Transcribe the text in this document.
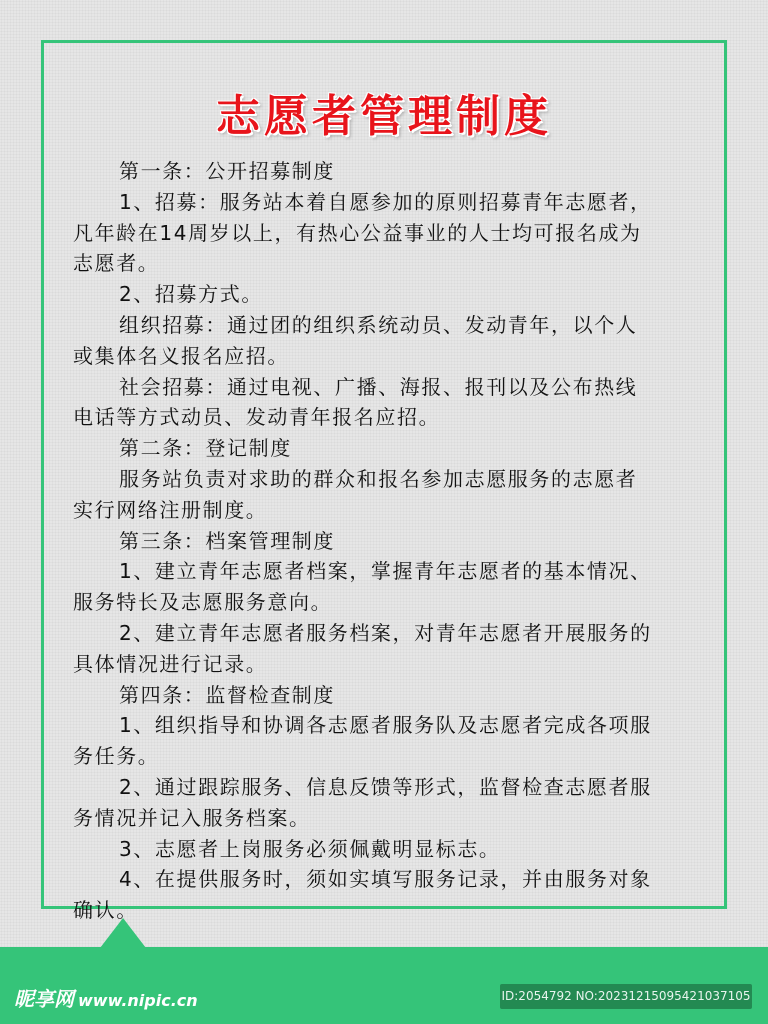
志愿者管理制度
第一条：公开招募制度
1、招募：服务站本着自愿参加的原则招募青年志愿者，
凡年龄在14周岁以上，有热心公益事业的人士均可报名成为
志愿者。
2、招募方式。
组织招募：通过团的组织系统动员、发动青年，以个人
或集体名义报名应招。
社会招募：通过电视、广播、海报、报刊以及公布热线
电话等方式动员、发动青年报名应招。
第二条：登记制度
服务站负责对求助的群众和报名参加志愿服务的志愿者
实行网络注册制度。
第三条：档案管理制度
1、建立青年志愿者档案，掌握青年志愿者的基本情况、
服务特长及志愿服务意向。
2、建立青年志愿者服务档案，对青年志愿者开展服务的
具体情况进行记录。
第四条：监督检查制度
1、组织指导和协调各志愿者服务队及志愿者完成各项服
务任务。
2、通过跟踪服务、信息反馈等形式，监督检查志愿者服
务情况并记入服务档案。
3、志愿者上岗服务必须佩戴明显标志。
4、在提供服务时，须如实填写服务记录，并由服务对象
确认。
昵享网 www.nipic.cn	ID:2054792 NO:20231215095421037105
